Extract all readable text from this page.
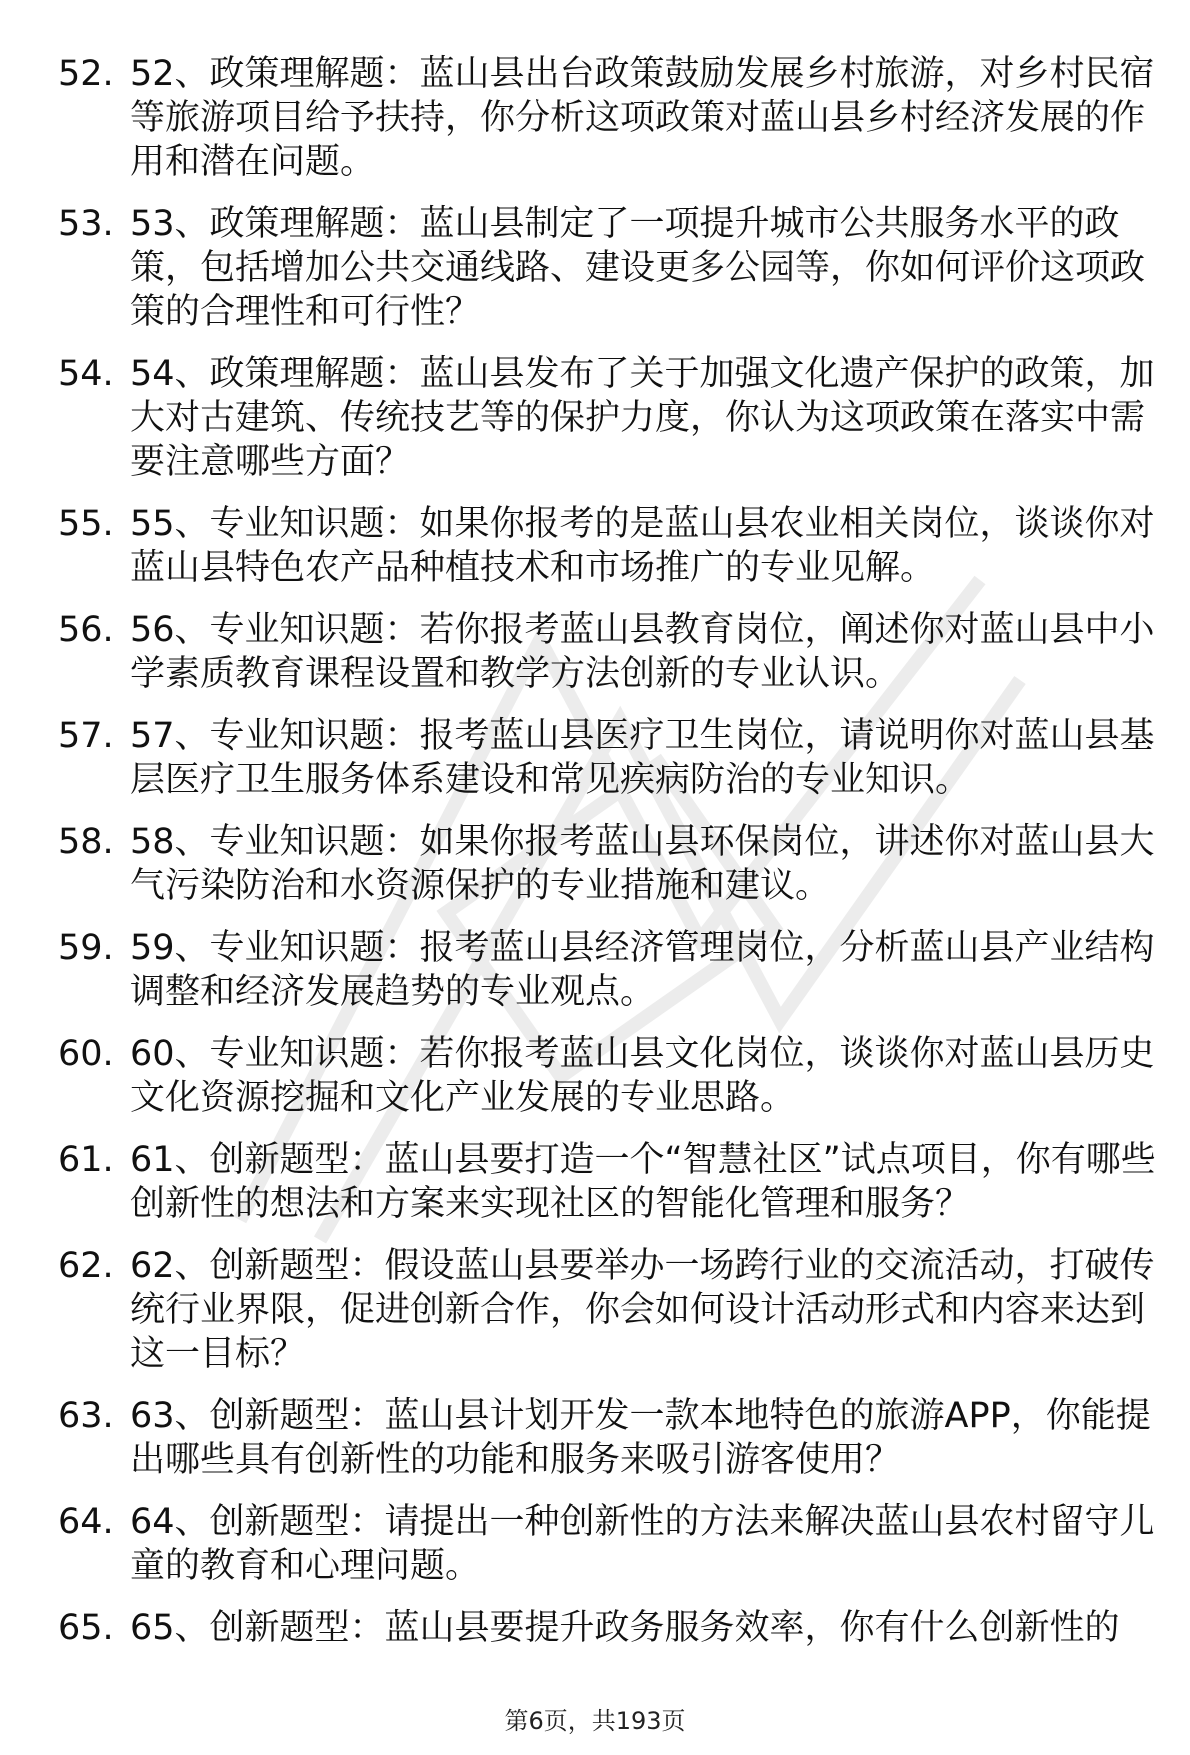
52. 52、政策理解题：蓝山县出台政策鼓励发展乡村旅游，对乡村民宿等旅游项目给予扶持，你分析这项政策对蓝山县乡村经济发展的作用和潜在问题。
53. 53、政策理解题：蓝山县制定了一项提升城市公共服务水平的政策，包括增加公共交通线路、建设更多公园等，你如何评价这项政策的合理性和可行性？
54. 54、政策理解题：蓝山县发布了关于加强文化遗产保护的政策，加大对古建筑、传统技艺等的保护力度，你认为这项政策在落实中需要注意哪些方面？
55. 55、专业知识题：如果你报考的是蓝山县农业相关岗位，谈谈你对蓝山县特色农产品种植技术和市场推广的专业见解。
56. 56、专业知识题：若你报考蓝山县教育岗位，阐述你对蓝山县中小学素质教育课程设置和教学方法创新的专业认识。
57. 57、专业知识题：报考蓝山县医疗卫生岗位，请说明你对蓝山县基层医疗卫生服务体系建设和常见疾病防治的专业知识。
58. 58、专业知识题：如果你报考蓝山县环保岗位，讲述你对蓝山县大气污染防治和水资源保护的专业措施和建议。
59. 59、专业知识题：报考蓝山县经济管理岗位，分析蓝山县产业结构调整和经济发展趋势的专业观点。
60. 60、专业知识题：若你报考蓝山县文化岗位，谈谈你对蓝山县历史文化资源挖掘和文化产业发展的专业思路。
61. 61、创新题型：蓝山县要打造一个“智慧社区”试点项目，你有哪些创新性的想法和方案来实现社区的智能化管理和服务？
62. 62、创新题型：假设蓝山县要举办一场跨行业的交流活动，打破传统行业界限，促进创新合作，你会如何设计活动形式和内容来达到这一目标？
63. 63、创新题型：蓝山县计划开发一款本地特色的旅游APP，你能提出哪些具有创新性的功能和服务来吸引游客使用？
64. 64、创新题型：请提出一种创新性的方法来解决蓝山县农村留守儿童的教育和心理问题。
65. 65、创新题型：蓝山县要提升政务服务效率，你有什么创新性的
第6页，共193页
